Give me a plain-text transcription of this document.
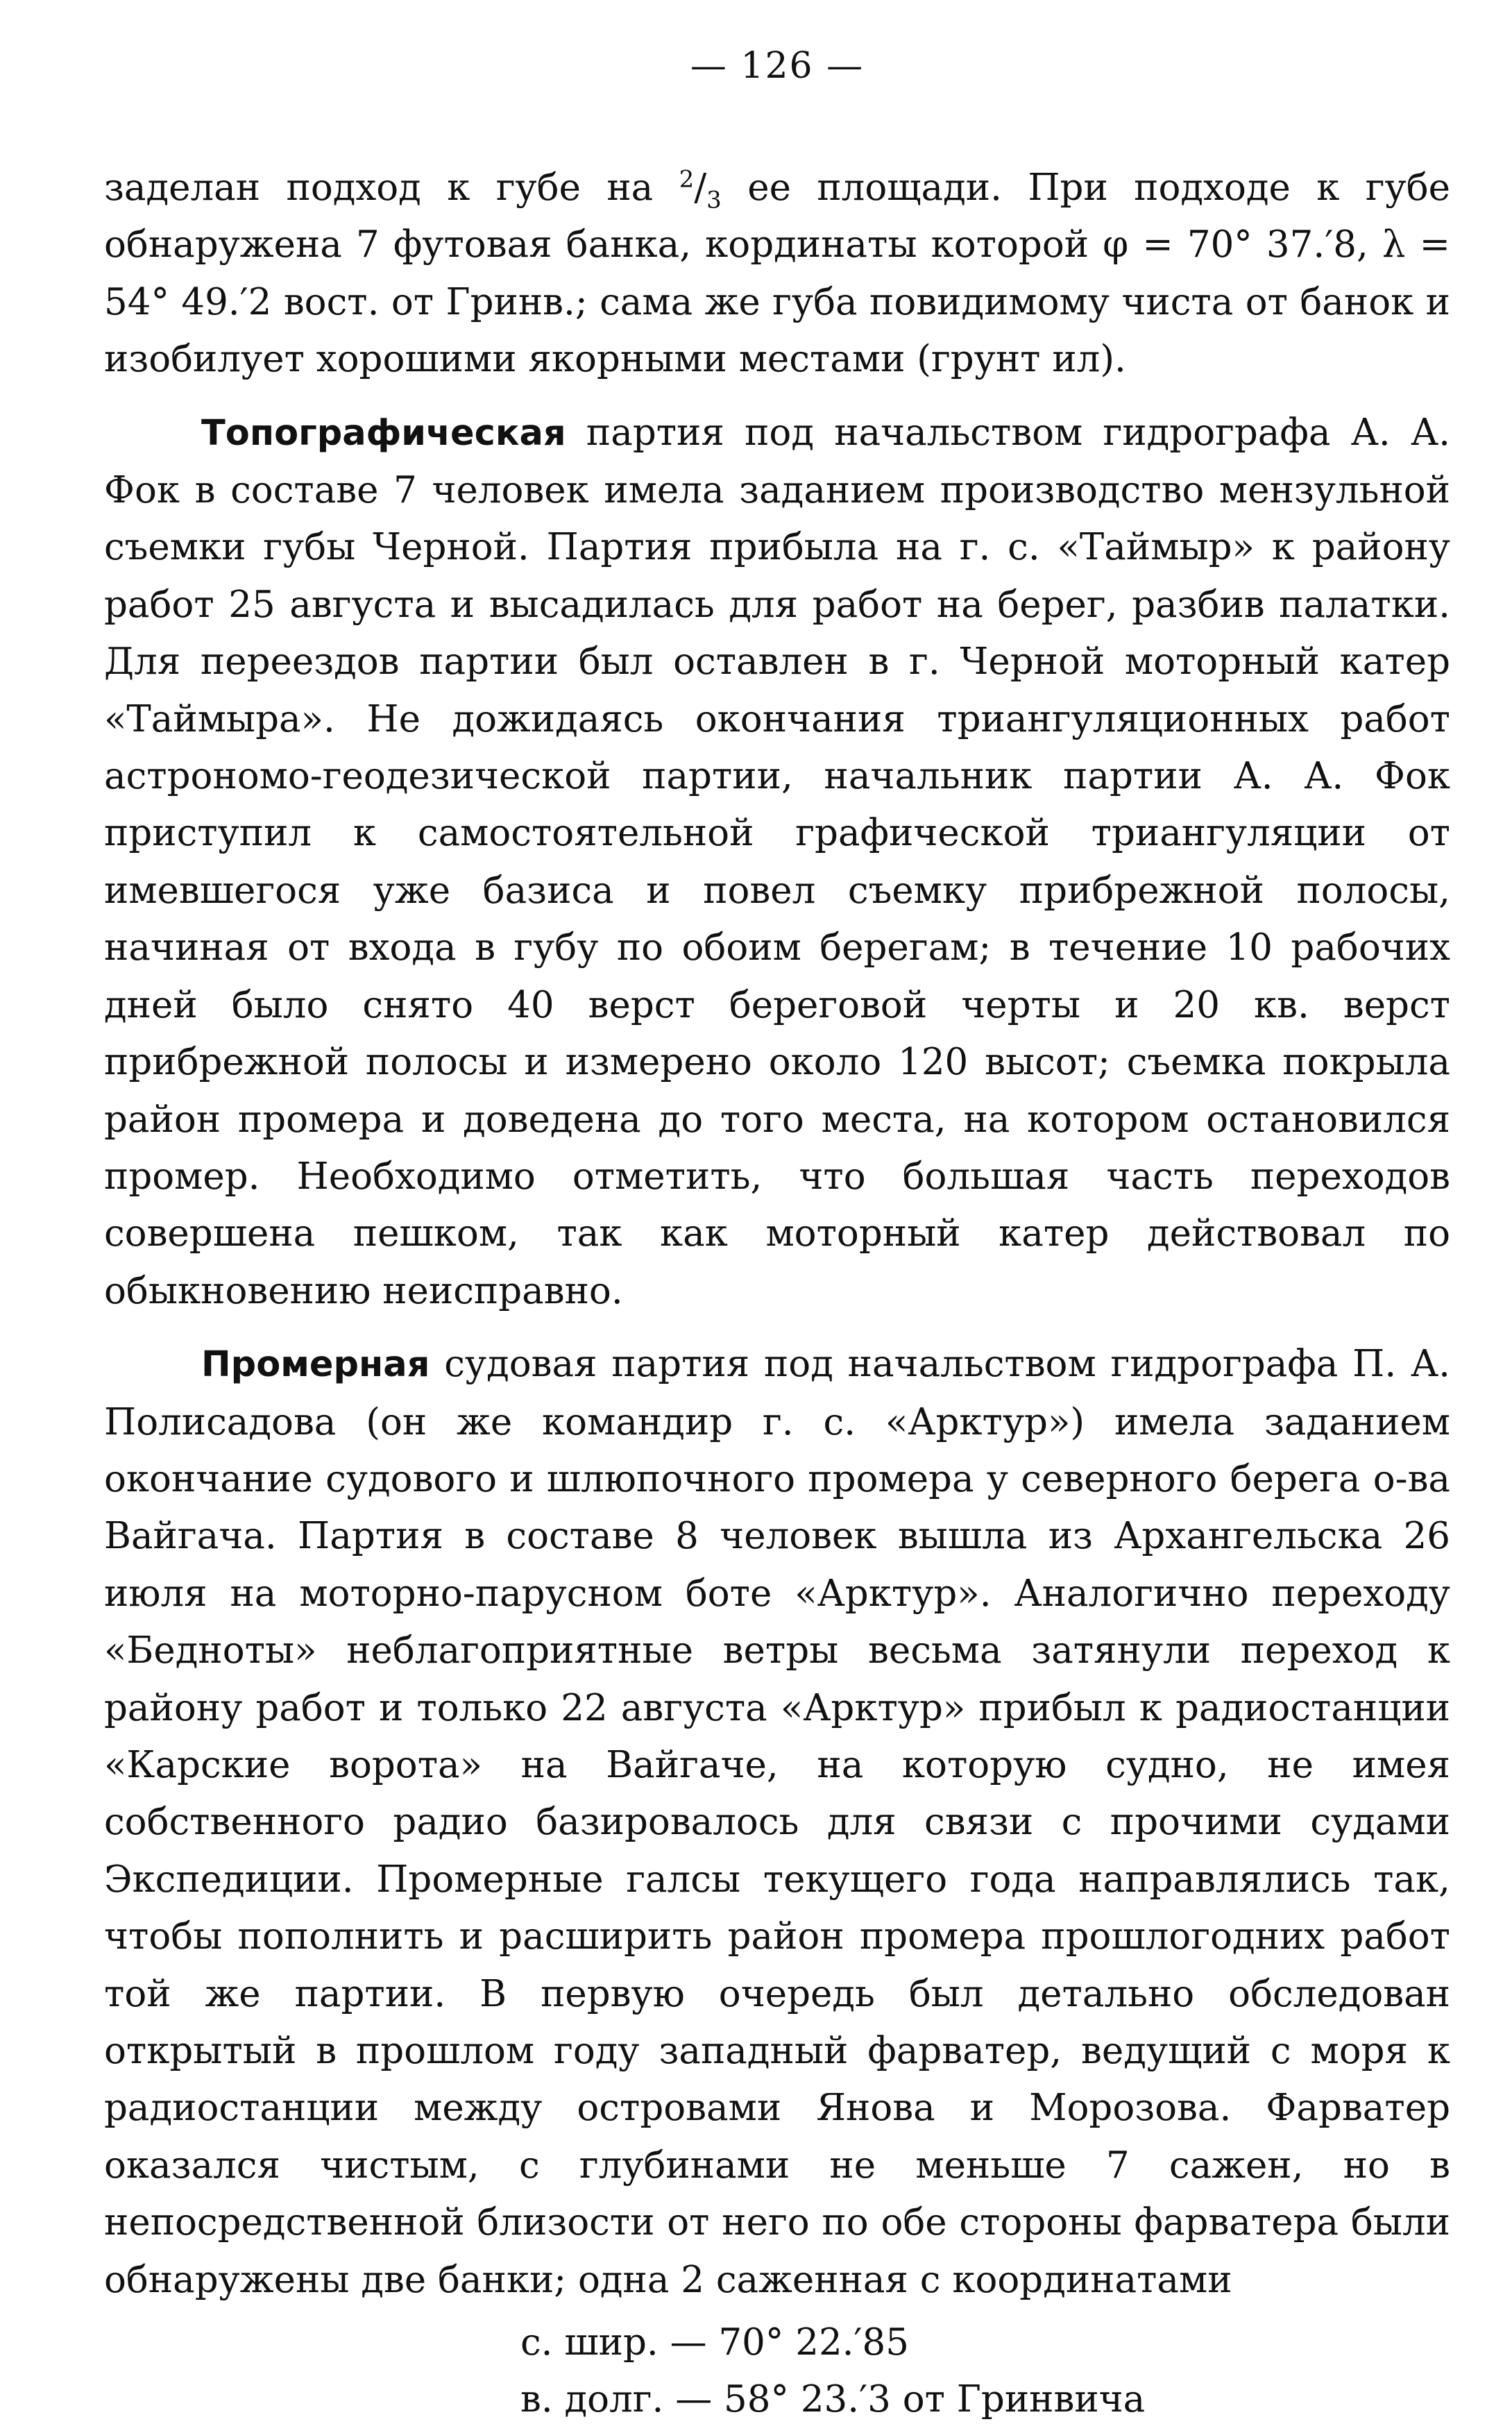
— 126 —

заделан подход к губе на $^2/_3$ ее площади. При подходе к губе обнаружена 7 футовая банка, кординаты которой φ = 70° 37.′8, λ = 54° 49.′2 вост. от Гринв.; сама же губа повидимому чиста от банок и изобилует хорошими якорными местами (грунт ил).

Топографическая партия под начальством гидрографа А. А. Фок в составе 7 человек имела заданием производство мензульной съемки губы Черной. Партия прибыла на г. с. «Таймыр» к району работ 25 августа и высадилась для работ на берег, разбив палатки. Для переездов партии был оставлен в г. Черной моторный катер «Таймыра». Не дожидаясь окончания триангуляционных работ астрономо-геодезической партии, начальник партии А. А. Фок приступил к самостоятельной графической триангуляции от имевшегося уже базиса и повел съемку прибрежной полосы, начиная от входа в губу по обоим берегам; в течение 10 рабочих дней было снято 40 верст береговой черты и 20 кв. верст прибрежной полосы и измерено около 120 высот; съемка покрыла район промера и доведена до того места, на котором остановился промер. Необходимо отметить, что большая часть переходов совершена пешком, так как моторный катер действовал по обыкновению неисправно.

Промерная судовая партия под начальством гидрографа П. А. Полисадова (он же командир г. с. «Арктур») имела заданием окончание судового и шлюпочного промера у северного берега о-ва Вайгача. Партия в составе 8 человек вышла из Архангельска 26 июля на моторно-парусном боте «Арктур». Аналогично переходу «Бедноты» неблагоприятные ветры весьма затянули переход к району работ и только 22 августа «Арктур» прибыл к радиостанции «Карские ворота» на Вайгаче, на которую судно, не имея собственного радио базировалось для связи с прочими судами Экспедиции. Промерные галсы текущего года направлялись так, чтобы пополнить и расширить район промера прошлогодних работ той же партии. В первую очередь был детально обследован открытый в прошлом году западный фарватер, ведущий с моря к радиостанции между островами Янова и Морозова. Фарватер оказался чистым, с глубинами не меньше 7 сажен, но в непосредственной близости от него по обе стороны фарватера были обнаружены две банки; одна 2 саженная с координатами

с. шир. — 70° 22.′85
в. долг. — 58° 23.′3 от Гринвича
